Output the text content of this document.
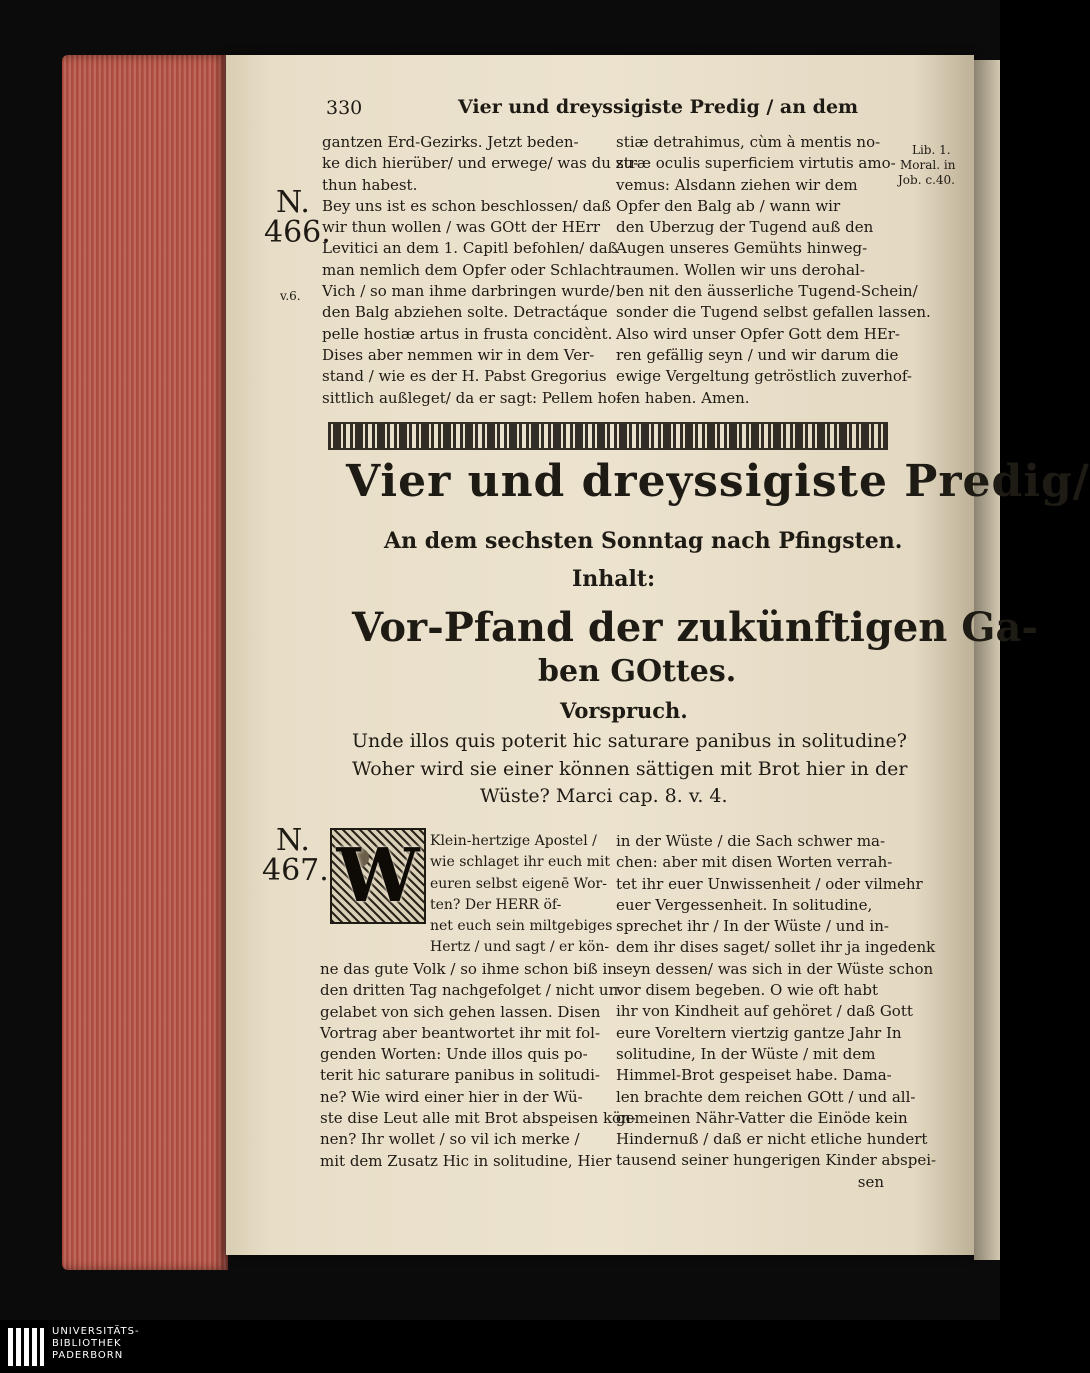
330	Vier und dreyssigiste Predig / an dem
N.
466.
v.6.
Lib. 1.
Moral. in
Job. c.40.

gantzen Erd-Gezirks. Jetzt beden-

ke dich hierüber/ und erwege/ was du zu-

thun habest.

Bey uns ist es schon beschlossen/ daß

wir thun wollen / was GOtt der HErr

Levitici an dem 1. Capitl befohlen/ daß

man nemlich dem Opfer oder Schlacht-

Vich / so man ihme darbringen wurde/

den Balg abziehen solte. Detractáque

pelle hostiæ artus in frusta concidènt.

Dises aber nemmen wir in dem Ver-

stand / wie es der H. Pabst Gregorius

sittlich außleget/ da er sagt: Pellem ho-

stiæ detrahimus, cùm à mentis no-

stræ oculis superficiem virtutis amo-

vemus: Alsdann ziehen wir dem

Opfer den Balg ab / wann wir

den Uberzug der Tugend auß den

Augen unseres Gemühts hinweg-

raumen. Wollen wir uns derohal-

ben nit den äusserliche Tugend-Schein/

sonder die Tugend selbst gefallen lassen.

Also wird unser Opfer Gott dem HEr-

ren gefällig seyn / und wir darum die

ewige Vergeltung getröstlich zuverhof-

fen haben. Amen.

Vier und dreyssigiste Predig/
An dem sechsten Sonntag nach Pfingsten.
Inhalt:
Vor-Pfand der zukünftigen Ga-
ben GOttes.
Vorspruch.
Unde illos quis poterit hic saturare panibus in solitudine?
Woher wird sie einer können sättigen mit Brot hier in der
Wüste? Marci cap. 8. v. 4.
N.
467. W Klein-hertzige Apostel /

wie schlaget ihr euch mit

euren selbst eigenē Wor-

ten? Der HERR öf-

net euch sein miltgebiges

Hertz / und sagt / er kön-

ne das gute Volk / so ihme schon biß in

den dritten Tag nachgefolget / nicht un-

gelabet von sich gehen lassen. Disen

Vortrag aber beantwortet ihr mit fol-

genden Worten: Unde illos quis po-

terit hic saturare panibus in solitudi-

ne? Wie wird einer hier in der Wü-

ste dise Leut alle mit Brot abspeisen kön-

nen? Ihr wollet / so vil ich merke /

mit dem Zusatz Hic in solitudine, Hier

in der Wüste / die Sach schwer ma-

chen: aber mit disen Worten verrah-

tet ihr euer Unwissenheit / oder vilmehr

euer Vergessenheit. In solitudine,

sprechet ihr / In der Wüste / und in-

dem ihr dises saget/ sollet ihr ja ingedenk

seyn dessen/ was sich in der Wüste schon

vor disem begeben. O wie oft habt

ihr von Kindheit auf gehöret / daß Gott

eure Voreltern viertzig gantze Jahr In

solitudine, In der Wüste / mit dem

Himmel-Brot gespeiset habe. Dama-

len brachte dem reichen GOtt / und all-

gemeinen Nähr-Vatter die Einöde kein

Hindernuß / daß er nicht etliche hundert

tausend seiner hungerigen Kinder abspei-

sen

UNIVERSITÄTS-
BIBLIOTHEK
PADERBORN
